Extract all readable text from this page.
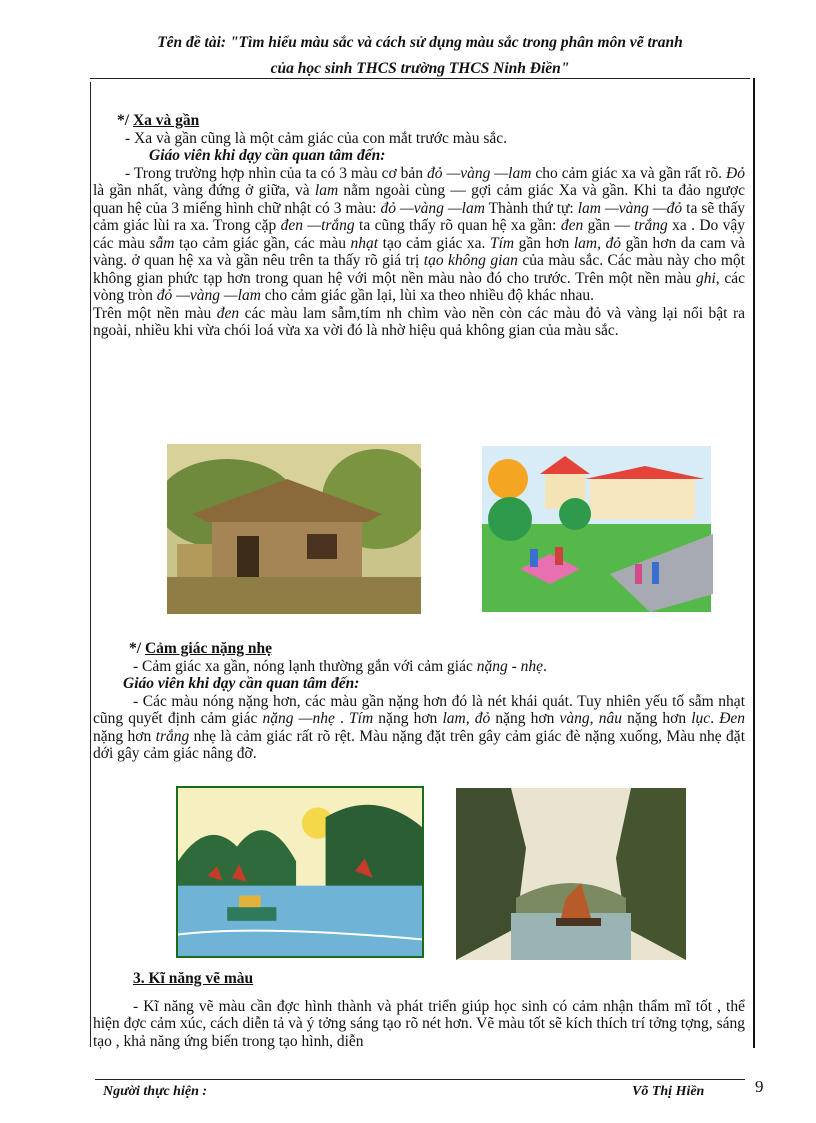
Tên đề tài: "Tìm hiểu màu sắc và cách sử dụng màu sắc trong phân môn vẽ tranh
của học sinh THCS trường THCS Ninh Điền"

*/ Xa và gần

- Xa và gần cũng là một cảm giác của con mắt trước màu sắc.

Giáo viên khi dạy cần quan tâm đến:

- Trong trường hợp nhìn của ta có 3 màu cơ bản đỏ —vàng —lam cho cảm giác xa và gần rất rõ. Đỏ là gần nhất, vàng đứng ở giữa, và lam nằm ngoài cùng — gợi cảm giác Xa và gần. Khi ta đảo ngược quan hệ của 3 miếng hình chữ nhật có 3 màu: đỏ —vàng —lam Thành thứ tự: lam —vàng —đỏ ta sẽ thấy cảm giác lùi ra xa. Trong cặp đen —trắng ta cũng thấy rõ quan hệ xa gần: đen gần — trắng xa . Do vậy các màu sẫm tạo cảm giác gần, các màu nhạt tạo cảm giác xa. Tím gần hơn lam, đỏ gần hơn da cam và vàng. ở quan hệ xa và gần nêu trên ta thấy rõ giá trị tạo không gian của màu sắc. Các màu này cho một không gian phức tạp hơn trong quan hệ với một nền màu nào đó cho trước. Trên một nền màu ghi, các vòng tròn đỏ —vàng —lam cho cảm giác gần lại, lùi xa theo nhiều độ khác nhau.

Trên một nền màu đen các màu lam sẫm,tím nh chìm vào nền còn các màu đỏ và vàng lại nổi bật ra ngoài, nhiều khi vừa chói loá vừa xa vời đó là nhờ hiệu quả không gian của màu sắc.

*/ Cảm giác nặng nhẹ

- Cảm giác xa gần, nóng lạnh thường gắn với cảm giác nặng - nhẹ.

Giáo viên khi dạy cần quan tâm đến:

- Các màu nóng nặng hơn, các màu gần nặng hơn đó là nét khái quát. Tuy nhiên yếu tố sẫm nhạt cũng quyết định cảm giác nặng —nhẹ . Tím nặng hơn lam, đỏ nặng hơn vàng, nâu nặng hơn lục. Đen nặng hơn trắng nhẹ là cảm giác rất rõ rệt. Màu nặng đặt trên gây cảm giác đè nặng xuống, Màu nhẹ đặt dới gây cảm giác nâng đỡ.

3. Kĩ năng vẽ màu

- Kĩ năng vẽ màu cần đợc hình thành và phát triển giúp học sinh có cảm nhận thẩm mĩ tốt , thể hiện đợc cảm xúc, cách diễn tả và ý tởng sáng tạo rõ nét hơn. Vẽ màu tốt sẽ kích thích trí tởng tợng, sáng tạo , khả năng ứng biến trong tạo hình, diễn

Người thực hiện :	Võ Thị Hiền	9
